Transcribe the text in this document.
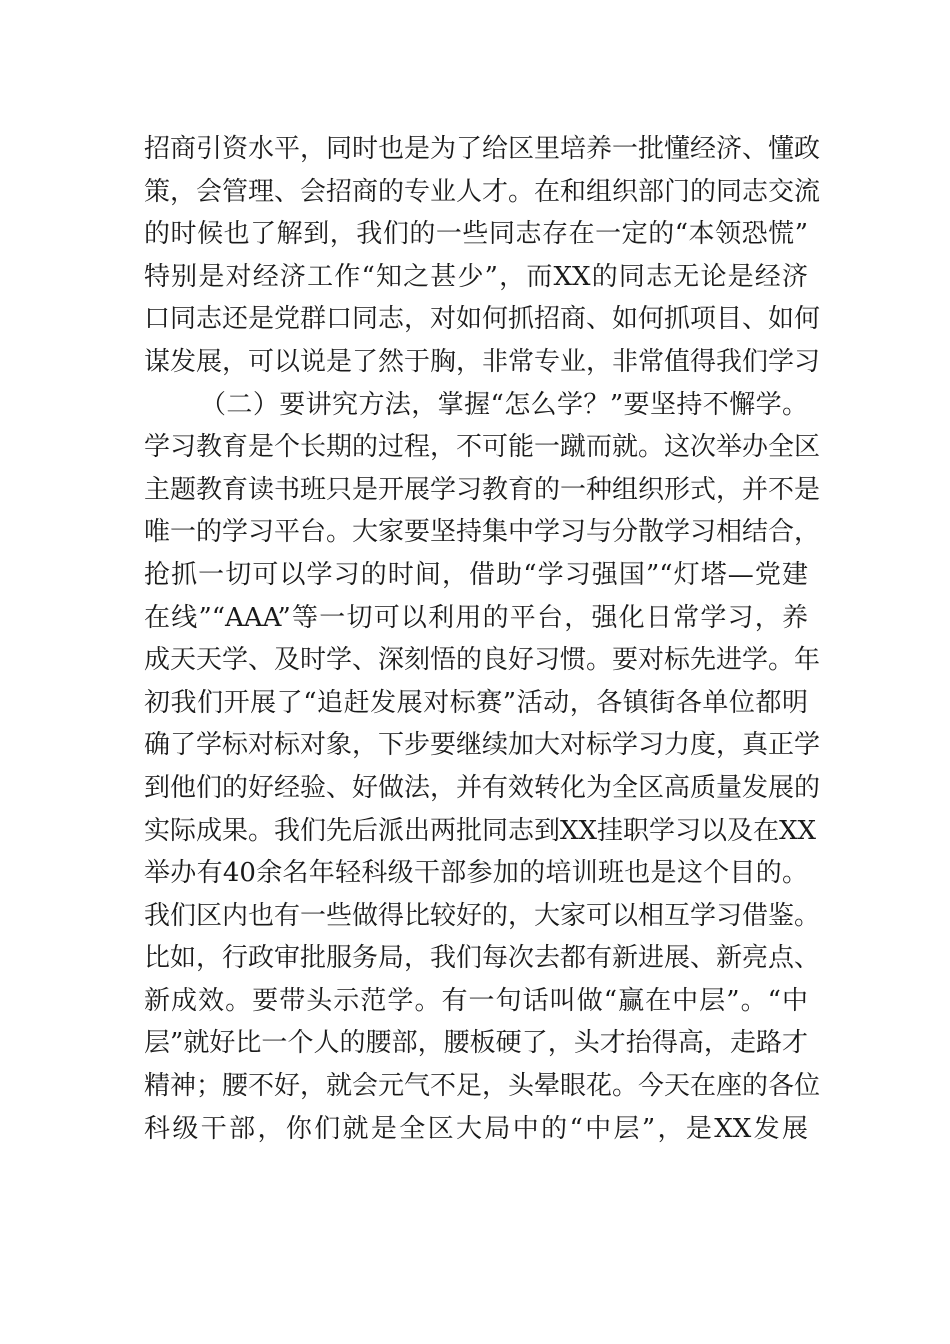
招商引资水平，同时也是为了给区里培养一批懂经济、懂政
策，会管理、会招商的专业人才。在和组织部门的同志交流
的时候也了解到，我们的一些同志存在一定的“本领恐慌”
特别是对经济工作“知之甚少”，而XX的同志无论是经济
口同志还是党群口同志，对如何抓招商、如何抓项目、如何
谋发展，可以说是了然于胸，非常专业，非常值得我们学习
（二）要讲究方法，掌握“怎么学？”要坚持不懈学。
学习教育是个长期的过程，不可能一蹴而就。这次举办全区
主题教育读书班只是开展学习教育的一种组织形式，并不是
唯一的学习平台。大家要坚持集中学习与分散学习相结合，
抢抓一切可以学习的时间，借助“学习强国”“灯塔—党建
在线”“AAA”等一切可以利用的平台，强化日常学习，养
成天天学、及时学、深刻悟的良好习惯。要对标先进学。年
初我们开展了“追赶发展对标赛”活动，各镇街各单位都明
确了学标对标对象，下步要继续加大对标学习力度，真正学
到他们的好经验、好做法，并有效转化为全区高质量发展的
实际成果。我们先后派出两批同志到XX挂职学习以及在XX
举办有40余名年轻科级干部参加的培训班也是这个目的。
我们区内也有一些做得比较好的，大家可以相互学习借鉴。
比如，行政审批服务局，我们每次去都有新进展、新亮点、
新成效。要带头示范学。有一句话叫做“赢在中层”。“中
层”就好比一个人的腰部，腰板硬了，头才抬得高，走路才
精神；腰不好，就会元气不足，头晕眼花。今天在座的各位
科级干部，你们就是全区大局中的“中层”，是XX发展
